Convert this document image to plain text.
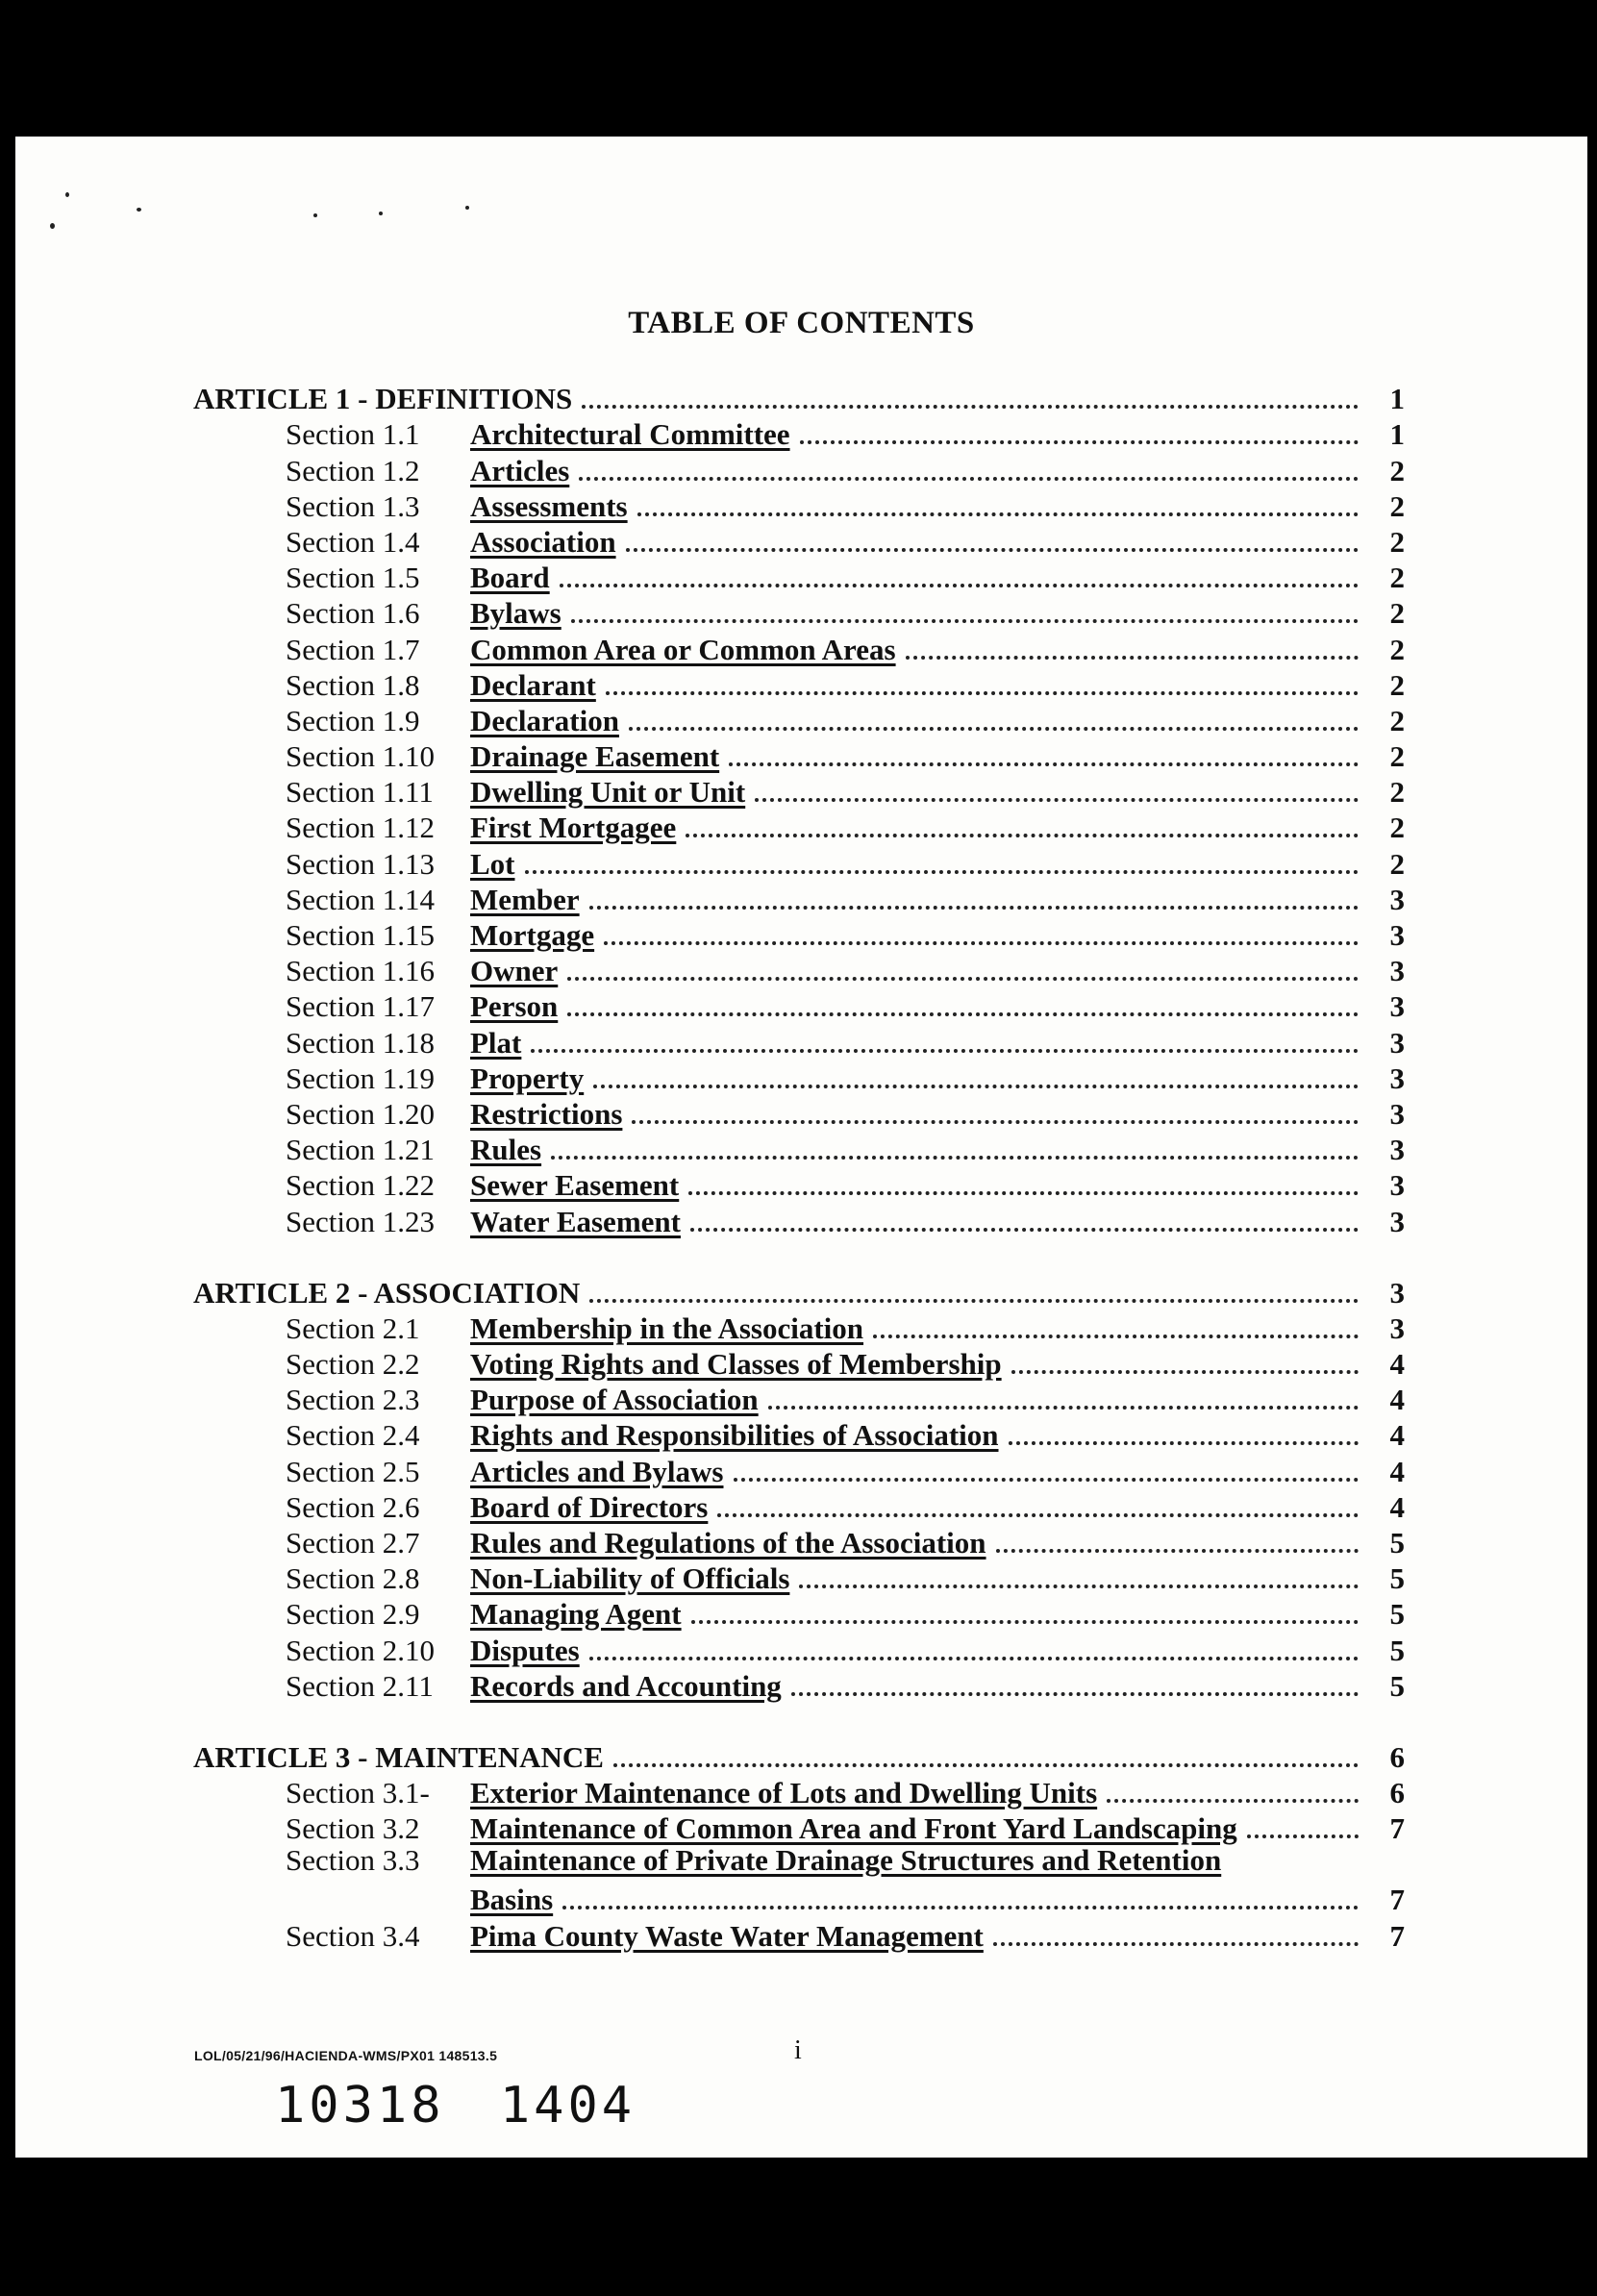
TABLE OF CONTENTS
ARTICLE 1 - DEFINITIONS	1
Section 1.1	Architectural Committee	1
Section 1.2	Articles	2
Section 1.3	Assessments	2
Section 1.4	Association	2
Section 1.5	Board	2
Section 1.6	Bylaws	2
Section 1.7	Common Area or Common Areas	2
Section 1.8	Declarant	2
Section 1.9	Declaration	2
Section 1.10	Drainage Easement	2
Section 1.11	Dwelling Unit or Unit	2
Section 1.12	First Mortgagee	2
Section 1.13	Lot	2
Section 1.14	Member	3
Section 1.15	Mortgage	3
Section 1.16	Owner	3
Section 1.17	Person	3
Section 1.18	Plat	3
Section 1.19	Property	3
Section 1.20	Restrictions	3
Section 1.21	Rules	3
Section 1.22	Sewer Easement	3
Section 1.23	Water Easement	3
ARTICLE 2 - ASSOCIATION	3
Section 2.1	Membership in the Association	3
Section 2.2	Voting Rights and Classes of Membership	4
Section 2.3	Purpose of Association	4
Section 2.4	Rights and Responsibilities of Association	4
Section 2.5	Articles and Bylaws	4
Section 2.6	Board of Directors	4
Section 2.7	Rules and Regulations of the Association	5
Section 2.8	Non-Liability of Officials	5
Section 2.9	Managing Agent	5
Section 2.10	Disputes	5
Section 2.11	Records and Accounting	5
ARTICLE 3 - MAINTENANCE	6
Section 3.1-	Exterior Maintenance of Lots and Dwelling Units	6
Section 3.2	Maintenance of Common Area and Front Yard Landscaping	7
Section 3.3	Maintenance of Private Drainage Structures and Retention
Basins	7
Section 3.4	Pima County Waste Water Management	7
LOL/05/21/96/HACIENDA-WMS/PX01 148513.5	i
10318 1404
